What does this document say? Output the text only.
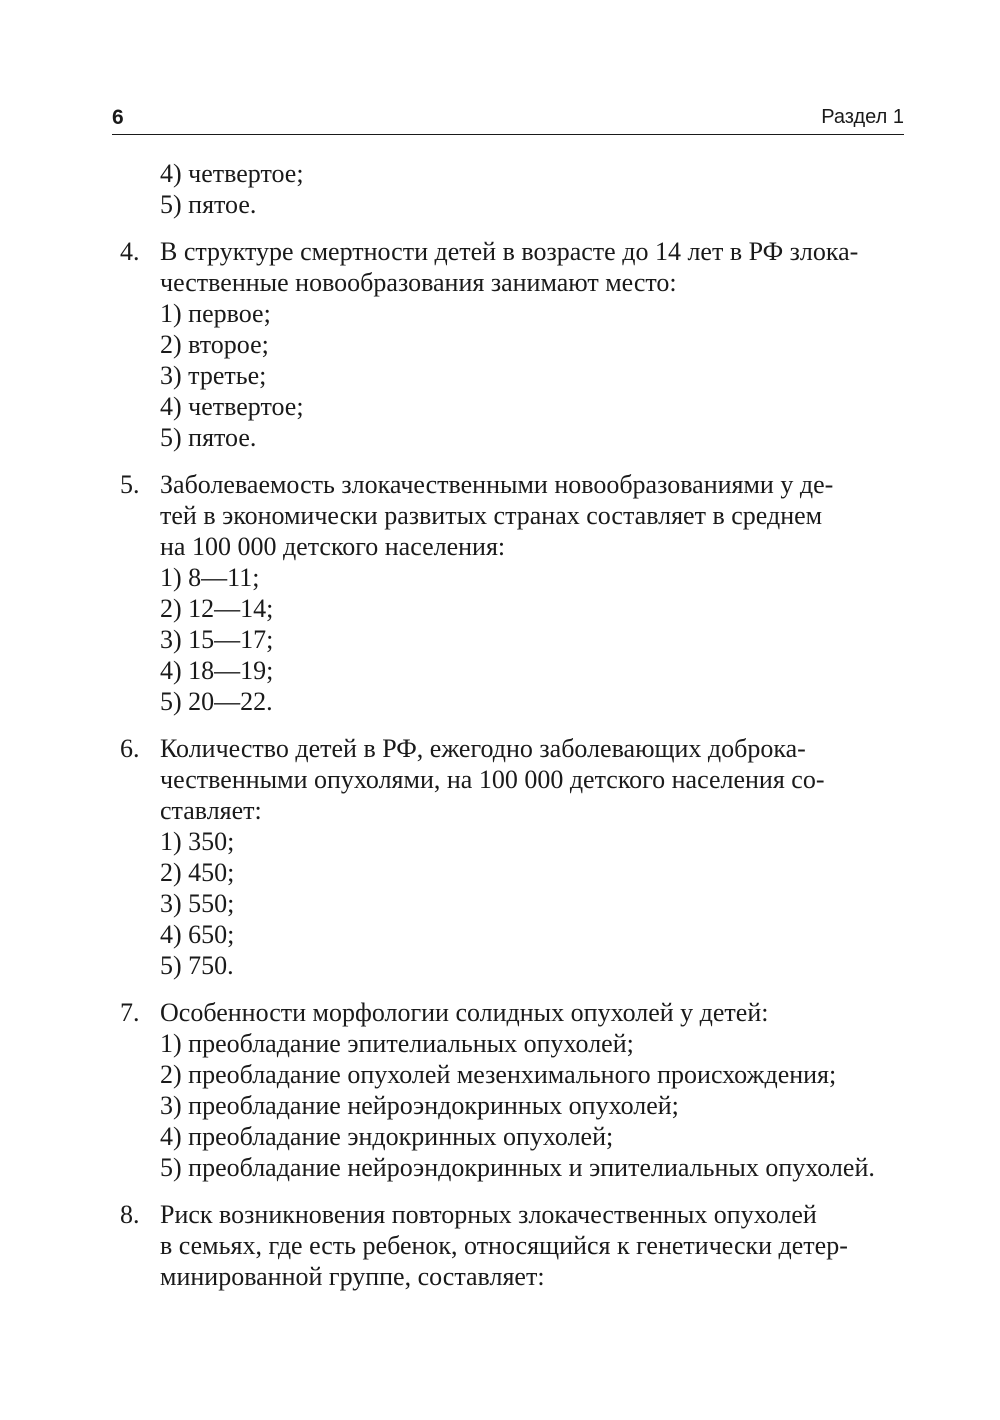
6	Раздел 1
4) четвертое;
5) пятое.
4. В структуре смертности детей в возрасте до 14 лет в РФ злока-
чественные новообразования занимают место:
1) первое;
2) второе;
3) третье;
4) четвертое;
5) пятое.
5. Заболеваемость злокачественными новообразованиями у де-
тей в экономически развитых странах составляет в среднем
на 100 000 детского населения:
1) 8—11;
2) 12—14;
3) 15—17;
4) 18—19;
5) 20—22.
6. Количество детей в РФ, ежегодно заболевающих доброка-
чественными опухолями, на 100 000 детского населения со-
ставляет:
1) 350;
2) 450;
3) 550;
4) 650;
5) 750.
7. Особенности морфологии солидных опухолей у детей:
1) преобладание эпителиальных опухолей;
2) преобладание опухолей мезенхимального происхождения;
3) преобладание нейроэндокринных опухолей;
4) преобладание эндокринных опухолей;
5) преобладание нейроэндокринных и эпителиальных опухолей.
8. Риск возникновения повторных злокачественных опухолей
в семьях, где есть ребенок, относящийся к генетически детер-
минированной группе, составляет:
